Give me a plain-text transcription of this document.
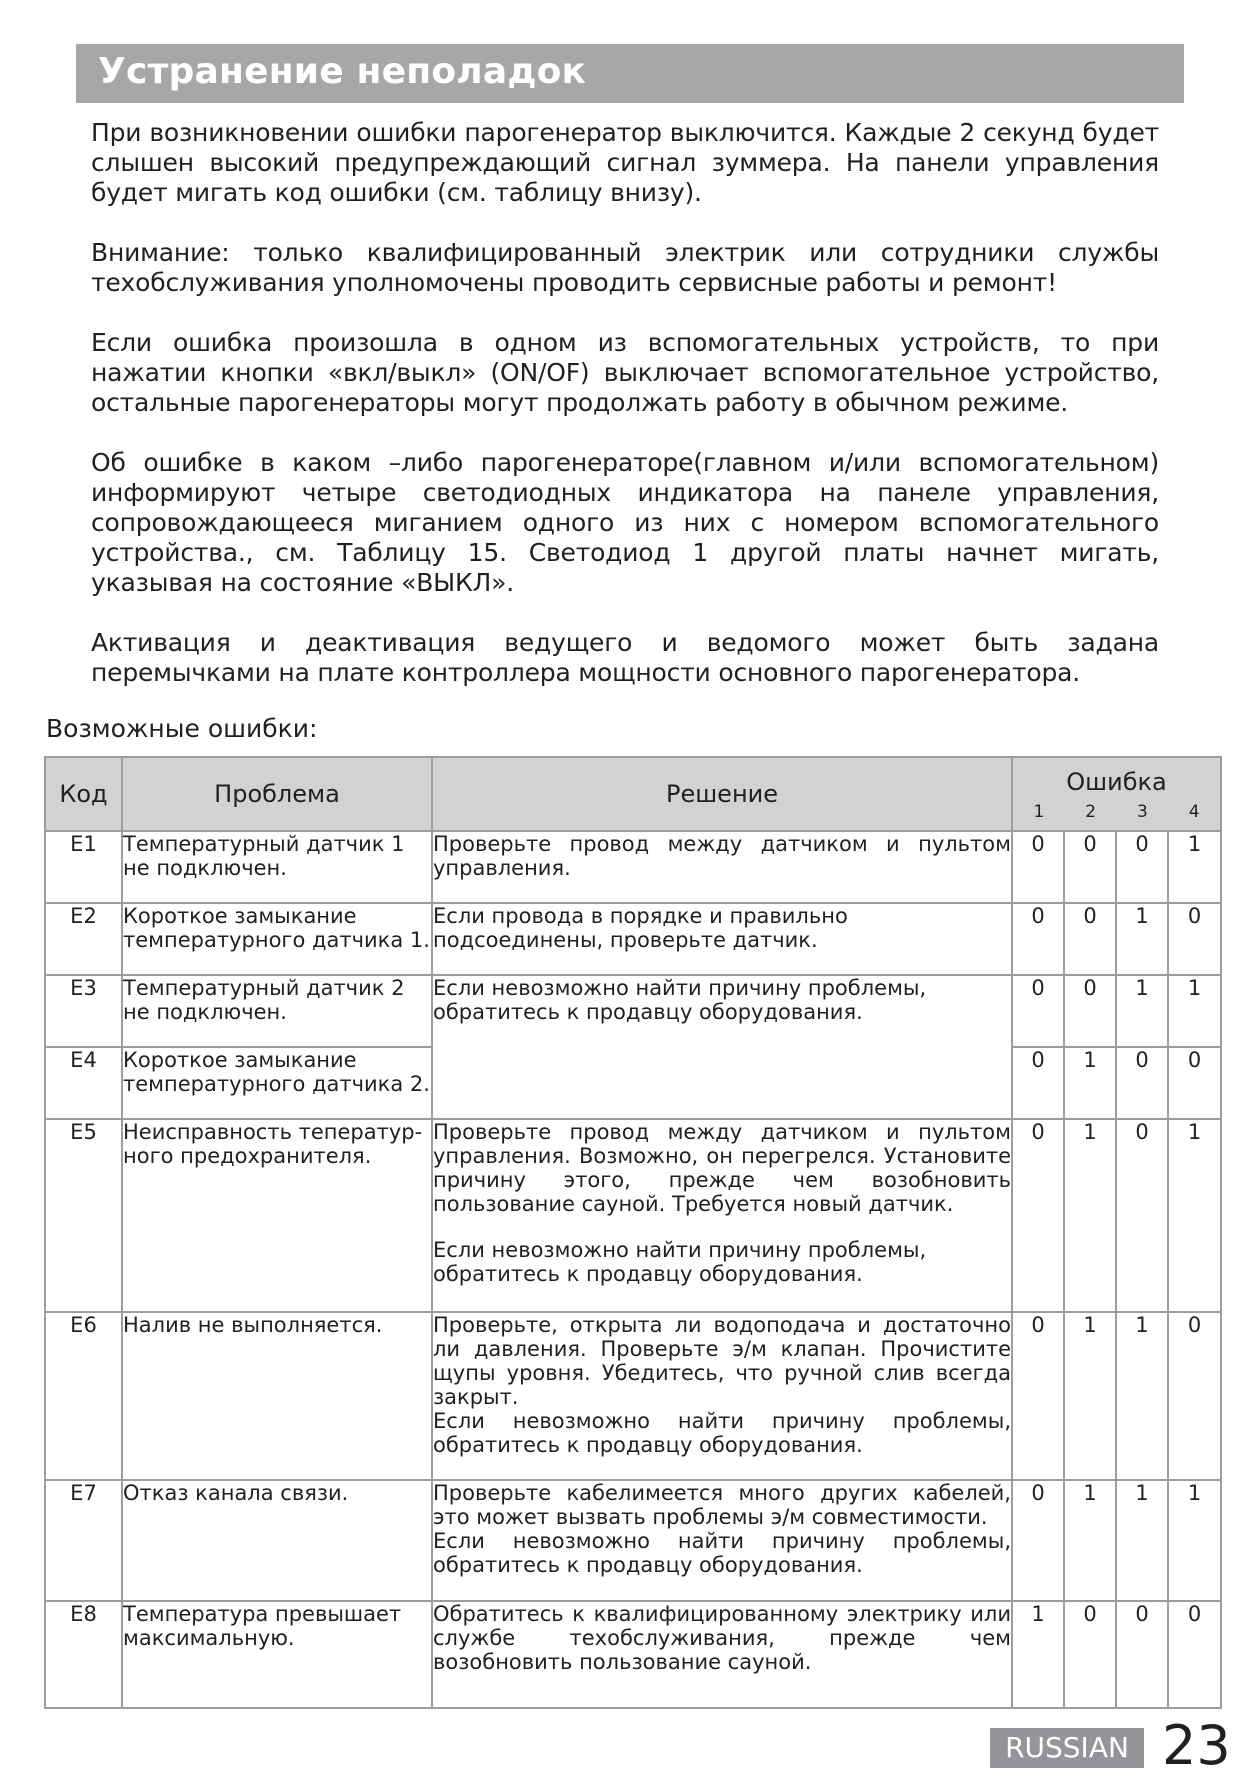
Устранение неполадок

При возникновении ошибки парогенератор выключится. Каждые 2 секунд будет слышен высокий предупреждающий сигнал зуммера. На панели управления будет мигать код ошибки (см. таблицу внизу).

Внимание: только квалифицированный электрик или сотрудники службы техобслуживания уполномочены проводить сервисные работы и ремонт!

Если ошибка произошла в одном из вспомогательных устройств, то при нажатии кнопки «вкл/выкл» (ON/OF) выключает вспомогательное устройство, остальные парогенераторы могут продолжать работу в обычном режиме.

Об ошибке в каком –либо парогенераторе(главном и/или вспомогательном) информируют четыре светодиодных индикатора на панеле управления, сопровождающееся миганием одного из них с номером вспомогательного устройства., см. Таблицу 15. Светодиод 1 другой платы начнет мигать, указывая на состояние «ВЫКЛ».

Активация и деактивация ведущего и ведомого может быть задана перемычками на плате контроллера мощности основного парогенератора.

Возможные ошибки:

Код	Проблема	Решение	Ошибка
1 2 3 4			

E1	Температурный датчик 1 не подключен.	Проверьте провод между датчиком и пультом управления.	0	0	0	1
E2	Короткое замыкание температурного датчика 1.	Если провода в порядке и правильно подсоединены, проверьте датчик.	0	0	1	0
E3	Температурный датчик 2 не подключен.	Если невозможно найти причину проблемы, обратитесь к продавцу оборудования.	0	0	1	1
E4	Короткое замыкание температурного датчика 2.		0	1	0	0
E5	Неисправность тепературного предохранителя.	Проверьте провод между датчиком и пультом управления. Возможно, он перегрелся. Установите причину этого, прежде чем возобновить пользование сауной. Требуется новый датчик.

Если невозможно найти причину проблемы, обратитесь к продавцу оборудования.	0	1	0	1
E6	Налив не выполняется.	Проверьте, открыта ли водоподача и достаточно ли давления. Проверьте э/м клапан. Прочистите щупы уровня. Убедитесь, что ручной слив всегда закрыт.

Если невозможно найти причину проблемы, обратитесь к продавцу оборудования.	0	1	1	0
E7	Отказ канала связи.	Проверьте кабелимеется много других кабелей, это может вызвать проблемы э/м совместимости.

Если невозможно найти причину проблемы, обратитесь к продавцу оборудования.	0	1	1	1
E8	Температура превышает максимальную.	Обратитесь к квалифицированному электрику или службе техобслуживания, прежде чем возобновить пользование сауной.	1	0	0	0
RUSSIAN 23
